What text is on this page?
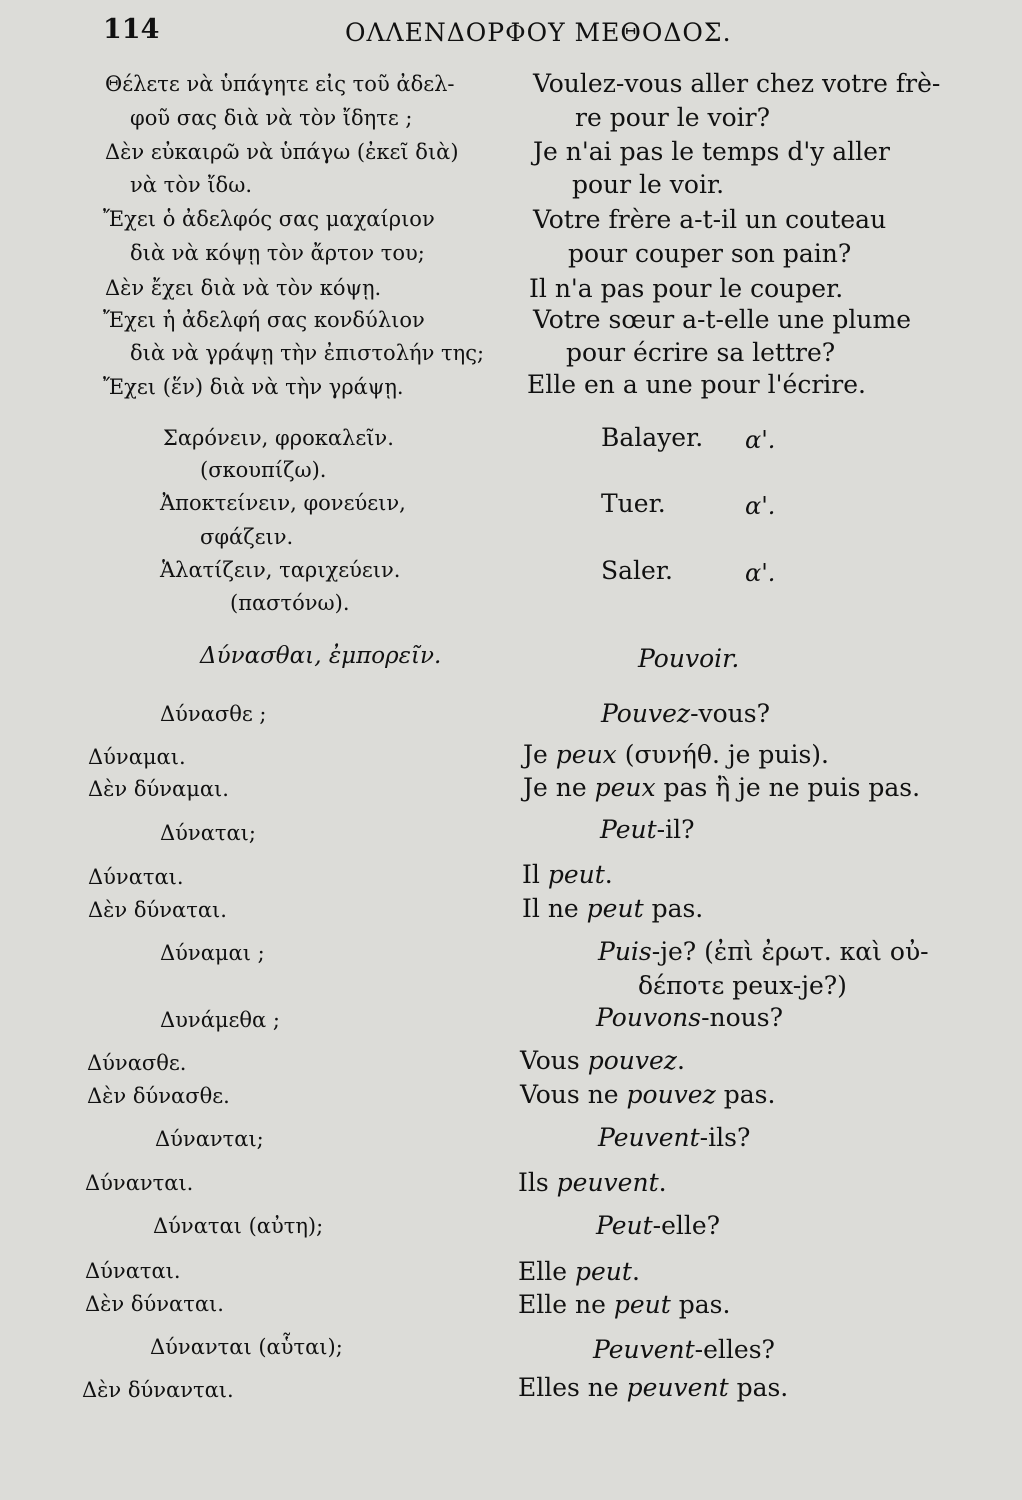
114	ΟΛΛΕΝΔΟΡΦΟΥ ΜΕΘΟΔΟΣ.
Θέλετε νὰ ὑπάγητε εἰς τοῦ ἀδελ-
φοῦ σας διὰ νὰ τὸν ἴδητε ;
Δὲν εὐκαιρῶ νὰ ὑπάγω (ἐκεῖ διὰ)
νὰ τὸν ἴδω.
Ἔχει ὁ ἀδελφός σας μαχαίριον
διὰ νὰ κόψῃ τὸν ἄρτον του;
Δὲν ἔχει διὰ νὰ τὸν κόψῃ.
Ἔχει ἡ ἀδελφή σας κονδύλιον
διὰ νὰ γράψῃ τὴν ἐπιστολήν της;
Ἔχει (ἕν) διὰ νὰ τὴν γράψῃ.
Voulez-vous aller chez votre frè-
re pour le voir?
Je n'ai pas le temps d'y aller
pour le voir.
Votre frère a-t-il un couteau
pour couper son pain?
Il n'a pas pour le couper.
Votre sœur a-t-elle une plume
pour écrire sa lettre?
Elle en a une pour l'écrire.
Σαρόνειν, φροκαλεῖν.
(σκουπίζω).
Ἀποκτείνειν, φονεύειν,
σφάζειν.
Ἁλατίζειν, ταριχεύειν.
(παστόνω).
Balayer.
Tuer.
Saler.
α'.
α'.
α'.
Δύνασθαι, ἐμπορεῖν.	Pouvoir.
Δύνασθε ;
Δύναμαι.
Δὲν δύναμαι.
Δύναται;
Δύναται.
Δὲν δύναται.
Δύναμαι ;
Δυνάμεθα ;
Δύνασθε.
Δὲν δύνασθε.
Δύνανται;
Δύνανται.
Δύναται (αὐτη);
Δύναται.
Δὲν δύναται.
Δύνανται (αὗται);
Δὲν δύνανται.
Pouvez-vous?
Je peux (συνήθ. je puis).
Je ne peux pas ἢ je ne puis pas.
Peut-il?
Il peut.
Il ne peut pas.
Puis-je? (ἐπὶ ἐρωτ. καὶ οὐ-
δέποτε peux-je?)
Pouvons-nous?
Vous pouvez.
Vous ne pouvez pas.
Peuvent-ils?
Ils peuvent.
Peut-elle?
Elle peut.
Elle ne peut pas.
Peuvent-elles?
Elles ne peuvent pas.
